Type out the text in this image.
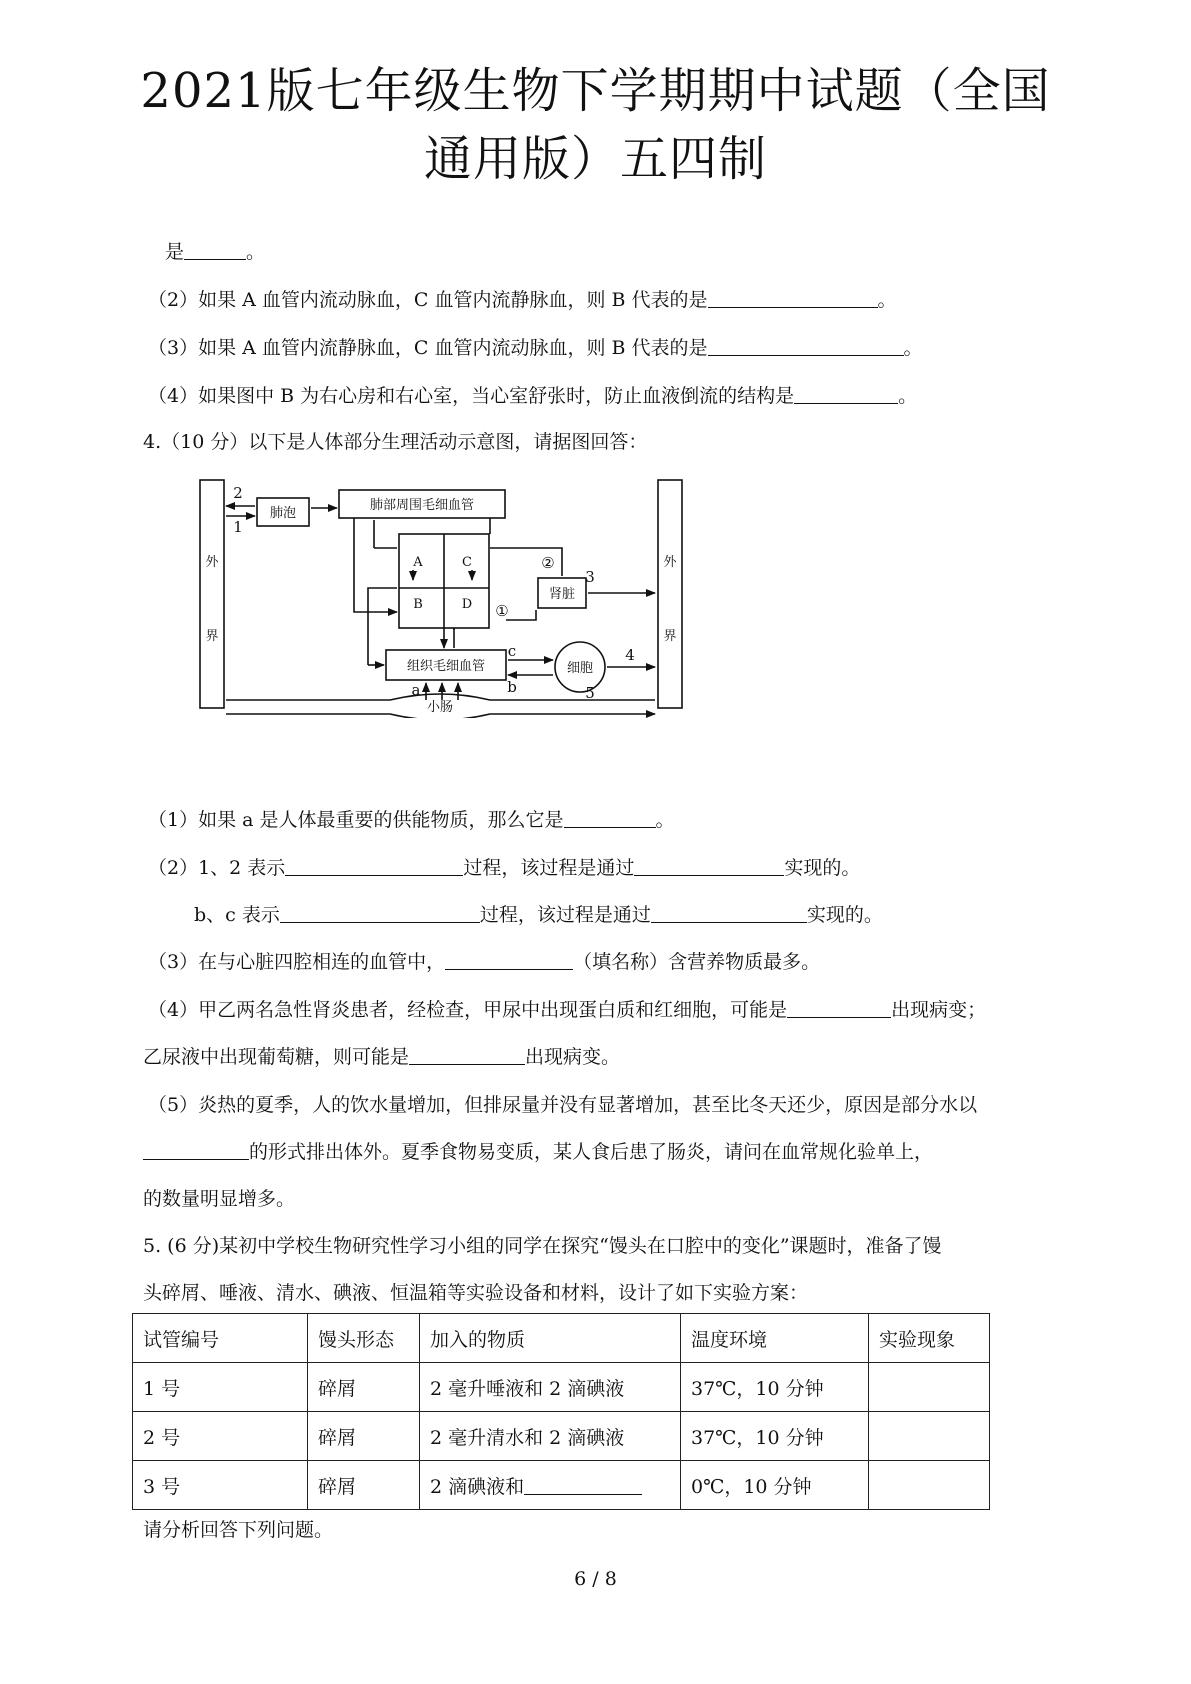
2021版七年级生物下学期期中试题（全国
通用版）五四制
是	。
（2）如果 A 血管内流动脉血，C 血管内流静脉血，则 B 代表的是	。
（3）如果 A 血管内流静脉血，C 血管内流动脉血，则 B 代表的是	。
（4）如果图中 B 为右心房和右心室，当心室舒张时，防止血液倒流的结构是	。
4.（10 分）以下是人体部分生理活动示意图，请据图回答：
肺泡
肺部周围毛细血管
肾脏
组织毛细血管	细胞
小肠
外
界
外
界
A	C
B	D
2
1
3
4
5
①
②
c
b
a
（1）如果 a 是人体最重要的供能物质，那么它是	。
（2）1、2 表示	过程，该过程是通过	实现的。
b、c 表示	过程，该过程是通过	实现的。
（3）在与心脏四腔相连的血管中，	（填名称）含营养物质最多。
（4）甲乙两名急性肾炎患者，经检查，甲尿中出现蛋白质和红细胞，可能是	出现病变；
乙尿液中出现葡萄糖，则可能是	出现病变。
（5）炎热的夏季，人的饮水量增加，但排尿量并没有显著增加，甚至比冬天还少，原因是部分水以
的形式排出体外。夏季食物易变质，某人食后患了肠炎，请问在血常规化验单上，
的数量明显增多。
5. (6 分)某初中学校生物研究性学习小组的同学在探究“馒头在口腔中的变化”课题时，准备了馒
头碎屑、唾液、清水、碘液、恒温箱等实验设备和材料，设计了如下实验方案：
试管编号	馒头形态	加入的物质	温度环境	实验现象
1 号	碎屑	2 毫升唾液和 2 滴碘液	37℃，10 分钟	
2 号	碎屑	2 毫升清水和 2 滴碘液	37℃，10 分钟	
3 号	碎屑	2 滴碘液和	0℃，10 分钟	
请分析回答下列问题。
6 / 8
